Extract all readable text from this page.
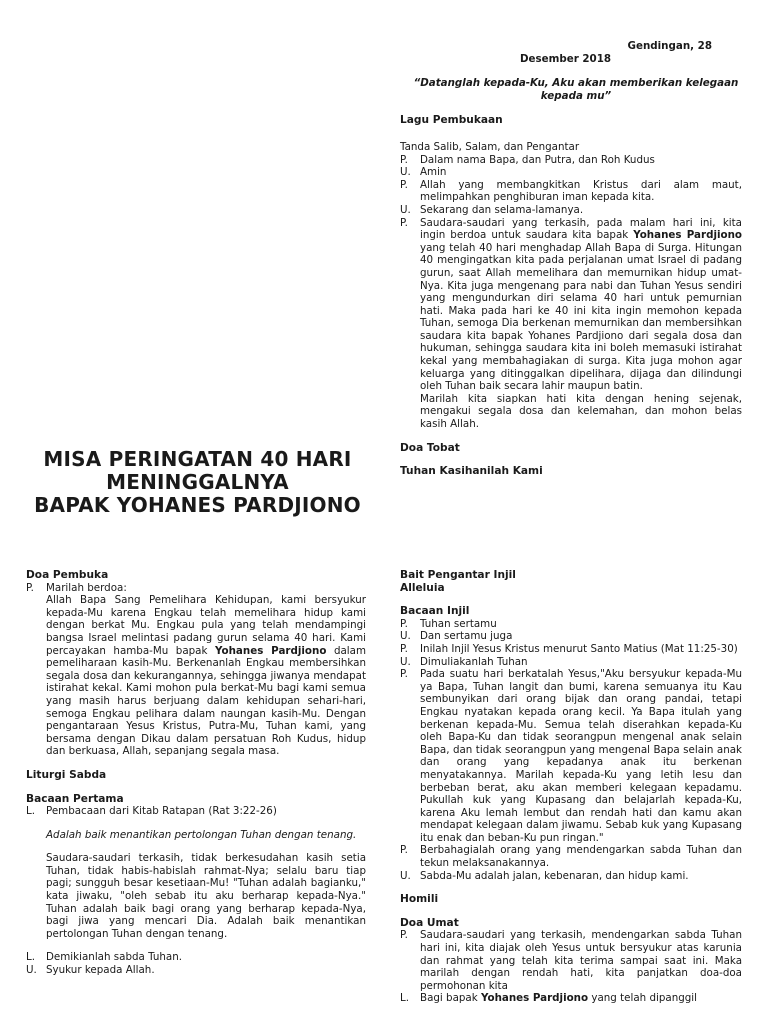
Gendingan, 28
Desember 2018
“Datanglah kepada-Ku, Aku akan memberikan kelegaan kepada mu”
Lagu Pembukaan
Tanda Salib, Salam, dan Pengantar
P.	Dalam nama Bapa, dan Putra, dan Roh Kudus
U. Amin
P.	Allah yang membangkitkan Kristus dari alam maut, melimpahkan penghiburan iman kepada kita.
U. Sekarang dan selama-lamanya.
P.	Saudara-saudari yang terkasih, pada malam hari ini, kita ingin berdoa untuk saudara kita bapak Yohanes Pardjiono yang telah 40 hari menghadap Allah Bapa di Surga. Hitungan 40 mengingatkan kita pada perjalanan umat Israel di padang gurun, saat Allah memelihara dan memurnikan hidup umat-Nya. Kita juga mengenang para nabi dan Tuhan Yesus sendiri yang mengundurkan diri selama 40 hari untuk pemurnian hati. Maka pada hari ke 40 ini kita ingin memohon kepada Tuhan, semoga Dia berkenan memurnikan dan membersihkan saudara kita bapak Yohanes Pardjiono dari segala dosa dan hukuman, sehingga saudara kita ini boleh memasuki istirahat kekal yang membahagiakan di surga. Kita juga mohon agar keluarga yang ditinggalkan dipelihara, dijaga dan dilindungi oleh Tuhan baik secara lahir maupun batin.
Marilah kita siapkan hati kita dengan hening sejenak, mengakui segala dosa dan kelemahan, dan mohon belas kasih Allah.
Doa Tobat
Tuhan Kasihanilah Kami
MISA PERINGATAN 40 HARI
MENINGGALNYA
BAPAK YOHANES PARDJIONO
Doa Pembuka
P.	Marilah berdoa:
Allah Bapa Sang Pemelihara Kehidupan, kami bersyukur kepada-Mu karena Engkau telah memelihara hidup kami dengan berkat Mu. Engkau pula yang telah mendampingi bangsa Israel melintasi padang gurun selama 40 hari. Kami percayakan hamba-Mu bapak Yohanes Pardjiono dalam pemeliharaan kasih-Mu. Berkenanlah Engkau membersihkan segala dosa dan kekurangannya, sehingga jiwanya mendapat istirahat kekal. Kami mohon pula berkat-Mu bagi kami semua yang masih harus berjuang dalam kehidupan sehari-hari, semoga Engkau pelihara dalam naungan kasih-Mu. Dengan pengantaraan Yesus Kristus, Putra-Mu, Tuhan kami, yang bersama dengan Dikau dalam persatuan Roh Kudus, hidup dan berkuasa, Allah, sepanjang segala masa.
Liturgi Sabda
Bacaan Pertama
L.	Pembacaan dari Kitab Ratapan (Rat 3:22-26)
Adalah baik menantikan pertolongan Tuhan dengan tenang.
Saudara-saudari terkasih, tidak berkesudahan kasih setia Tuhan, tidak habis-habislah rahmat-Nya; selalu baru tiap pagi; sungguh besar kesetiaan-Mu! "Tuhan adalah bagianku," kata jiwaku, "oleh sebab itu aku berharap kepada-Nya." Tuhan adalah baik bagi orang yang berharap kepada-Nya, bagi jiwa yang mencari Dia. Adalah baik menantikan pertolongan Tuhan dengan tenang.
L.	Demikianlah sabda Tuhan.
U. Syukur kepada Allah.
Bait Pengantar Injil
Alleluia
Bacaan Injil
P.	Tuhan sertamu
U. Dan sertamu juga
P.	Inilah Injil Yesus Kristus menurut Santo Matius (Mat 11:25-30)
U. Dimuliakanlah Tuhan
P.	Pada suatu hari berkatalah Yesus,"Aku bersyukur kepada-Mu ya Bapa, Tuhan langit dan bumi, karena semuanya itu Kau sembunyikan dari orang bijak dan orang pandai, tetapi Engkau nyatakan kepada orang kecil. Ya Bapa itulah yang berkenan kepada-Mu. Semua telah diserahkan kepada-Ku oleh Bapa-Ku dan tidak seorangpun mengenal anak selain Bapa, dan tidak seorangpun yang mengenal Bapa selain anak dan orang yang kepadanya anak itu berkenan menyatakannya. Marilah kepada-Ku yang letih lesu dan berbeban berat, aku akan memberi kelegaan kepadamu. Pukullah kuk yang Kupasang dan belajarlah kepada-Ku, karena Aku lemah lembut dan rendah hati dan kamu akan mendapat kelegaan dalam jiwamu. Sebab kuk yang Kupasang itu enak dan beban-Ku pun ringan."
P.	Berbahagialah orang yang mendengarkan sabda Tuhan dan tekun melaksanakannya.
U. Sabda-Mu adalah jalan, kebenaran, dan hidup kami.
Homili
Doa Umat
P.	Saudara-saudari yang terkasih, mendengarkan sabda Tuhan hari ini, kita diajak oleh Yesus untuk bersyukur atas karunia dan rahmat yang telah kita terima sampai saat ini. Maka marilah dengan rendah hati, kita panjatkan doa-doa permohonan kita
L.	Bagi bapak Yohanes Pardjiono yang telah dipanggil
